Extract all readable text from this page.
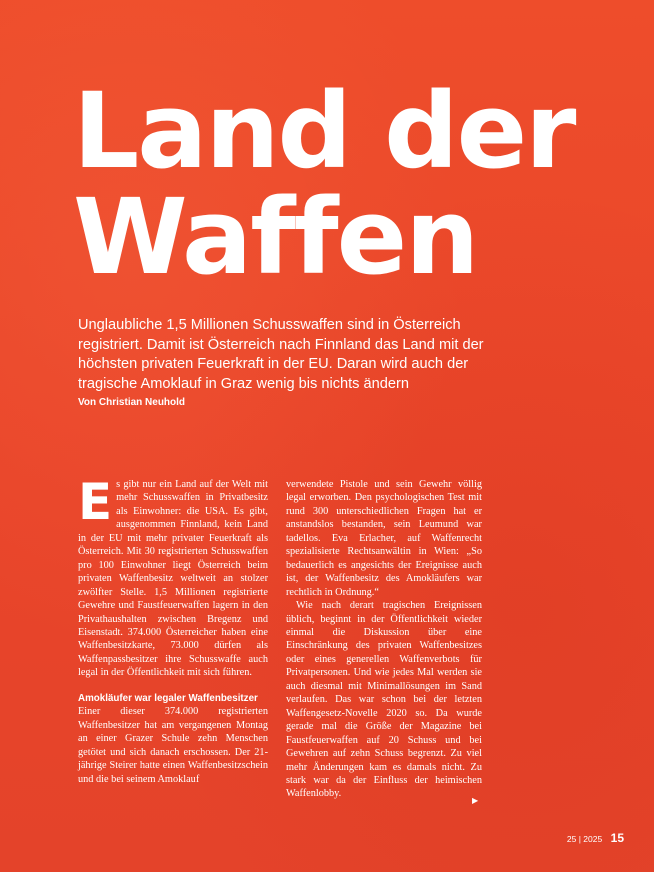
Land der
Waffen

Unglaubliche 1,5 Millionen Schusswaffen sind in Österreich registriert. Damit ist Österreich nach Finnland das Land mit der höchsten privaten Feuerkraft in der EU. Daran wird auch der tragische Amoklauf in Graz wenig bis nichts ändern

Von Christian Neuhold

E s gibt nur ein Land auf der Welt mit mehr Schusswaffen in Privatbesitz als Einwohner: die USA. Es gibt, ausgenommen Finnland, kein Land in der EU mit mehr privater Feuerkraft als Österreich. Mit 30 registrierten Schusswaffen pro 100 Einwohner liegt Österreich beim privaten Waffenbesitz weltweit an stolzer zwölfter Stelle. 1,5 Millionen registrierte Gewehre und Faustfeuerwaffen lagern in den Privathaushalten zwischen Bregenz und Eisenstadt. 374.000 Österreicher haben eine Waffenbesitzkarte, 73.000 dürfen als Waffenpassbesitzer ihre Schusswaffe auch legal in der Öffentlichkeit mit sich führen.

Amokläufer war legaler Waffenbesitzer

Einer dieser 374.000 registrierten Waffenbesitzer hat am vergangenen Montag an einer Grazer Schule zehn Menschen getötet und sich danach erschossen. Der 21-jährige Steirer hatte einen Waffenbesitzschein und die bei seinem Amoklauf

verwendete Pistole und sein Gewehr völlig legal erworben. Den psychologischen Test mit rund 300 unterschiedlichen Fragen hat er anstandslos bestanden, sein Leumund war tadellos. Eva Erlacher, auf Waffenrecht spezialisierte Rechtsanwältin in Wien: „So bedauerlich es angesichts der Ereignisse auch ist, der Waffenbesitz des Amokläufers war rechtlich in Ordnung.“

Wie nach derart tragischen Ereignissen üblich, beginnt in der Öffentlichkeit wieder einmal die Diskussion über eine Einschränkung des privaten Waffenbesitzes oder eines generellen Waffenverbots für Privatpersonen. Und wie jedes Mal werden sie auch diesmal mit Minimallösungen im Sand verlaufen. Das war schon bei der letzten Waffengesetz-Novelle 2020 so. Da wurde gerade mal die Größe der Magazine bei Faustfeuerwaffen auf 20 Schuss und bei Gewehren auf zehn Schuss begrenzt. Zu viel mehr Änderungen kam es damals nicht. Zu stark war da der Einfluss der heimischen Waffenlobby.

▶
25 | 2025 15
